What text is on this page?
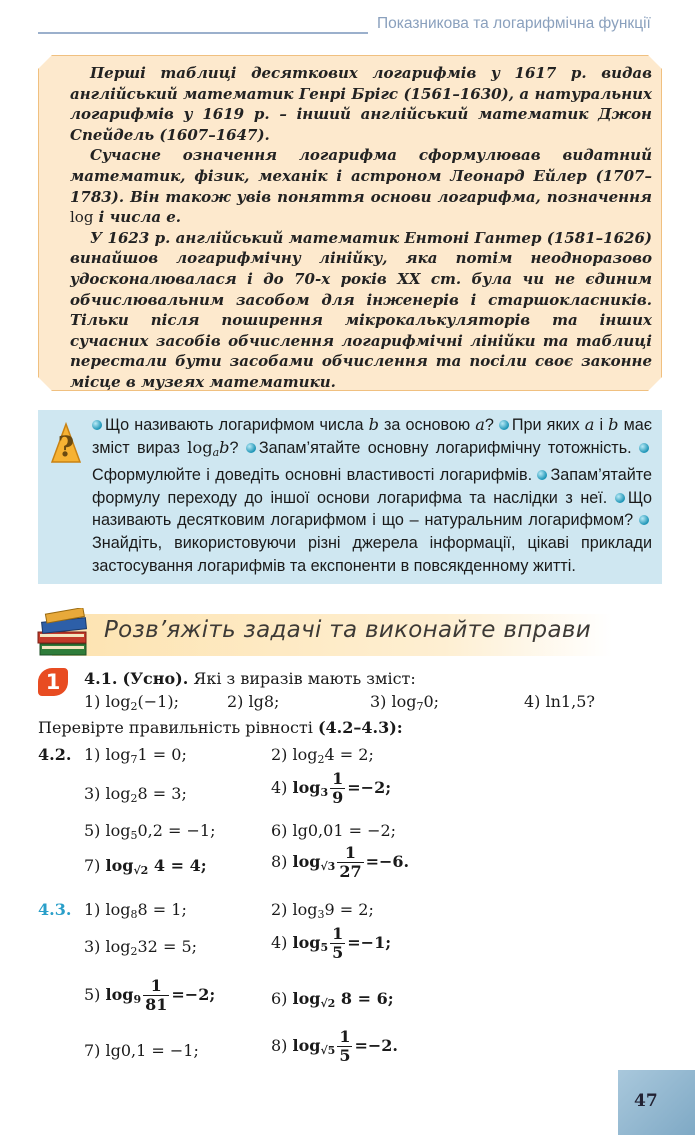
Показникова та логарифмічна функції

Перші таблиці десяткових логарифмів у 1617 р. видав англійський математик Генрі Брігс (1561–1630), а натуральних логарифмів у 1619 р. – інший англійський математик Джон Спейдель (1607–1647).

Сучасне означення логарифма сформулював видатний математик, фізик, механік і астроном Леонард Ейлер (1707–1783). Він також увів поняття основи логарифма, позначення log і числа е.

У 1623 р. англійський математик Ентоні Гантер (1581–1626) винайшов логарифмічну лінійку, яка потім неодноразово удосконалювалася і до 70-х років XX ст. була чи не єдиним обчислювальним засобом для інженерів і старшокласників. Тільки після поширення мікрокалькуляторів та інших сучасних засобів обчислення логарифмічні лінійки та таблиці перестали бути засобами обчислення та посіли своє законне місце в музеях математики.

?
Що називають логарифмом числа b за основою a? При яких a і b має зміст вираз $\log_ab$? Запам’ятайте основну логарифмічну тотожність. Сформулюйте і доведіть основні властивості логарифмів. Запам’ятайте формулу переходу до іншої основи логарифма та наслідки з неї. Що називають десятковим логарифмом і що – натуральним логарифмом? Знайдіть, використовуючи різні джерела інформації, цікаві приклади застосування логарифмів та експоненти в повсякденному житті.
Розв’яжіть задачі та виконайте вправи
1	4.1. (Усно). Які з виразів мають зміст:
1) $\log_2(-1)$;	2) lg8;	3) $\log_70$;	4) ln1,5?
Перевірте правильність рівності (4.2–4.3):
4.2. 1) $\log_71 = 0$;	2) $\log_24 = 2$;
3) $\log_28 = 3$;	4) $\log_3 \frac{1}{9} =-2$;
5) $\log_50,2 = -1$;	6) lg0,01 = −2;
7) $\log_{√2} 4 = 4$;	8) $\log_{√3} \frac{1}{27} =-6$.
4.3. 1) $\log_88 = 1$;	2) $\log_39 = 2$;
3) $\log_232 = 5$;	4) $\log_5 \frac{1}{5} =-1$;
5) $\log_9 \frac{1}{81} =-2$;	6) $\log_{√2} 8 = 6$;
7) lg0,1 = −1;	8) $\log_{√5} \frac{1}{5} =-2$.
47
